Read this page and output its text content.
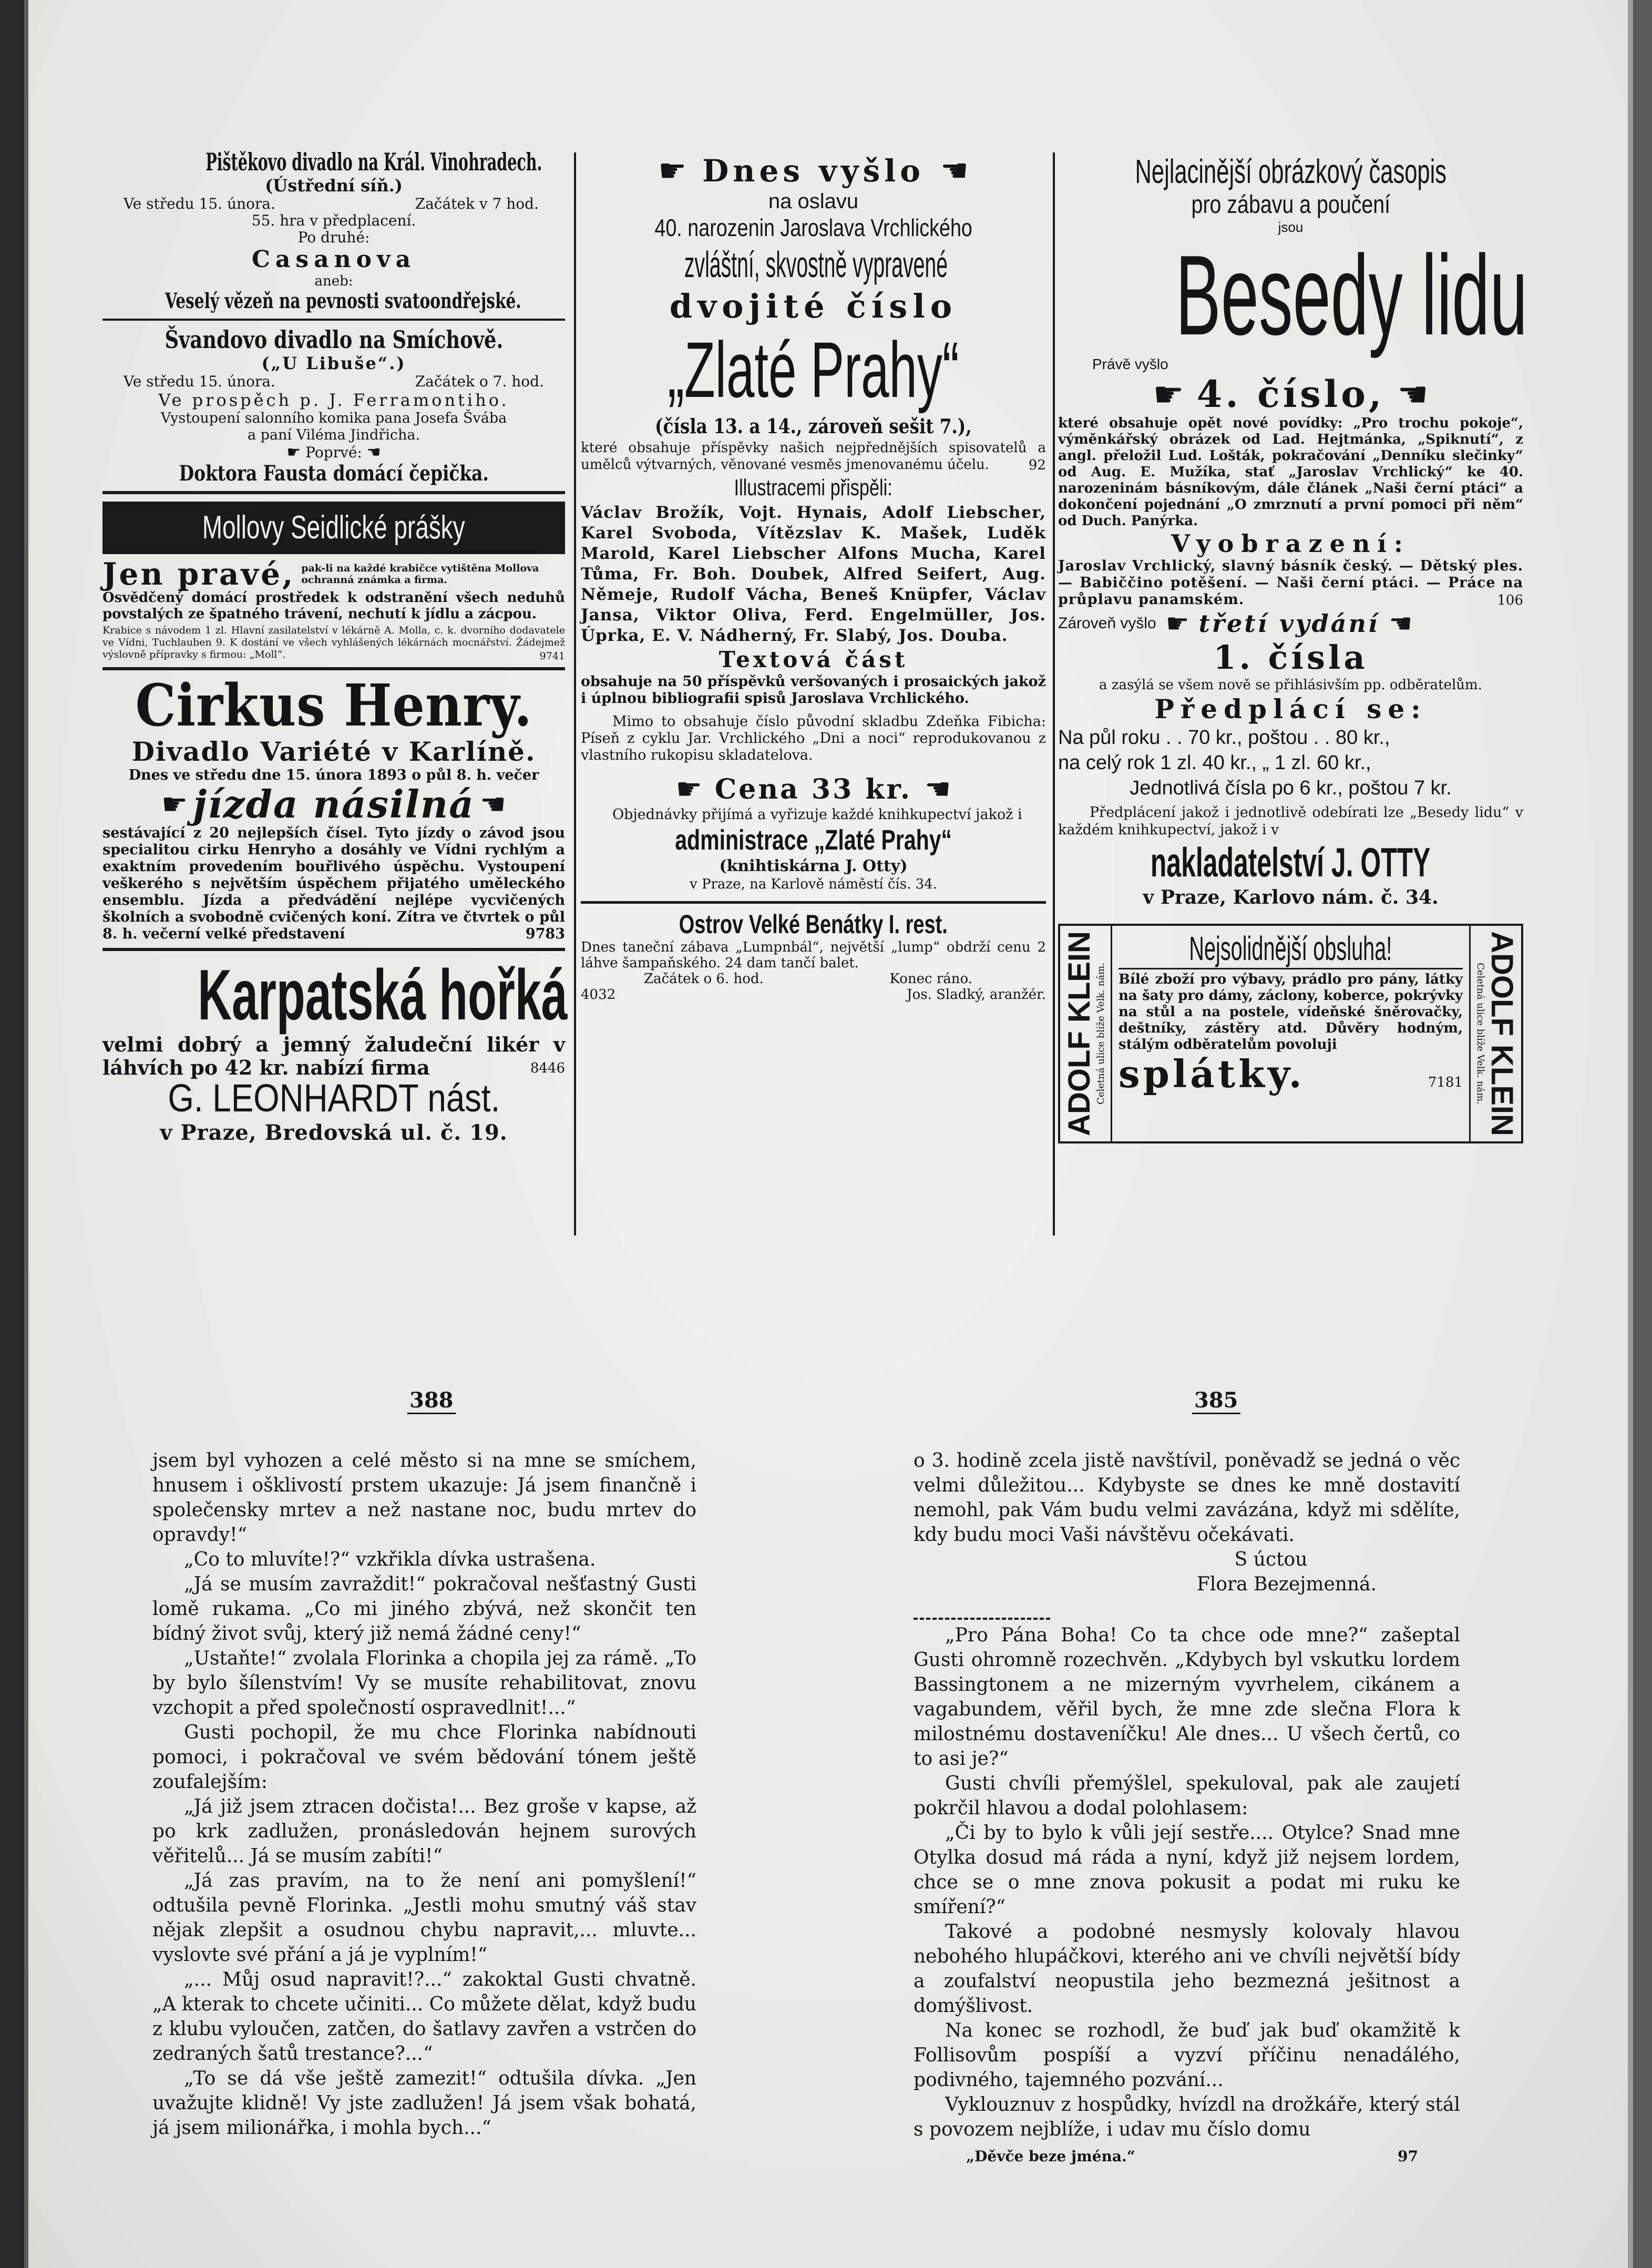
Pištěkovo divadlo na Král. Vinohradech.
(Ústřední síň.)
Ve středu 15. února.	Začátek v 7 hod.
55. hra v předplacení.
Po druhé:
Casanova
aneb:
Veselý vězeň na pevnosti svatoondřejské.
Švandovo divadlo na Smíchově.
(„U Libuše“.)
Ve středu 15. února.	Začátek o 7. hod.
Ve prospěch p. J. Ferramontiho.
Vystoupení salonního komika pana Josefa Švába
a paní Viléma Jindřicha.
☛ Poprvé: ☚
Doktora Fausta domácí čepička.
Mollovy Seidlické prášky
Jen pravé, pak-li na každé krabičce vytištěna Mollova ochranná známka a firma.
Osvědčený domácí prostředek k odstranění všech neduhů povstalých ze špatného trávení, nechutí k jídlu a zácpou.
Krabice s návodem 1 zl. Hlavní zasilatelství v lékárně A. Molla, c. k. dvorního dodavatele ve Vídni, Tuchlauben 9. K dostání ve všech vyhlášených lékárnách mocnářství. Žádejmež výslovně přípravky s firmou: „Moll“.	9741
Cirkus Henry.
Divadlo Variété v Karlíně.
Dnes ve středu dne 15. února 1893 o půl 8. h. večer
☛ jízda násilná ☚
sestávající z 20 nejlepších čísel. Tyto jízdy o závod jsou specialitou cirku Henryho a dosáhly ve Vídni rychlým a exaktním provedením bouřlivého úspěchu. Vystoupení veškerého s největším úspěchem přijatého uměleckého ensemblu. Jízda a předvádění nejlépe vycvičených školních a svobodně cvičených koní. Zítra ve čtvrtek o půl 8. h. večerní velké představení	9783
Karpatská hořká
velmi dobrý a jemný žaludeční likér v láhvích po 42 kr. nabízí firma	8446
G. LEONHARDT nást.
v Praze, Bredovská ul. č. 19.
☛ Dnes vyšlo ☚
na oslavu
40. narozenin Jaroslava Vrchlického
zvláštní, skvostně vypravené
dvojité číslo
„Zlaté Prahy“
(čísla 13. a 14., zároveň sešit 7.),
které obsahuje příspěvky našich nejpřednějších spisovatelů a umělců výtvarných, věnované vesměs jmenovanému účelu.	92
Illustracemi přispěli:
Václav Brožík, Vojt. Hynais, Adolf Liebscher, Karel Svoboda, Vítězslav K. Mašek, Luděk Marold, Karel Liebscher Alfons Mucha, Karel Tůma, Fr. Boh. Doubek, Alfred Seifert, Aug. Němeje, Rudolf Vácha, Beneš Knüpfer, Václav Jansa, Viktor Oliva, Ferd. Engelmüller, Jos. Úprka, E. V. Nádherný, Fr. Slabý, Jos. Douba.
Textová část
obsahuje na 50 příspěvků veršovaných i prosaických jakož i úplnou bibliografii spisů Jaroslava Vrchlického.
Mimo to obsahuje číslo původní skladbu Zdeňka Fibicha: Píseň z cyklu Jar. Vrchlického „Dni a noci“ reprodukovanou z vlastního rukopisu skladatelova.
☛ Cena 33 kr. ☚
Objednávky přijímá a vyřizuje každé knihkupectví jakož i
administrace „Zlaté Prahy“
(knihtiskárna J. Otty)
v Praze, na Karlově náměstí čís. 34.
Ostrov Velké Benátky I. rest.
Dnes taneční zábava „Lumpnbál“, největší „lump“ obdrží cenu 2 láhve šampaňského. 24 dam tančí balet.
Začátek o 6. hod.	Konec ráno.
4032	Jos. Sladký, aranžér.
Nejlacinější obrázkový časopis
pro zábavu a poučení
jsou
Besedy lidu
Právě vyšlo
☛ 4. číslo, ☚
které obsahuje opět nové povídky: „Pro trochu pokoje“, výměnkářský obrázek od Lad. Hejtmánka, „Spiknutí“, z angl. přeložil Lud. Lošták, pokračování „Denníku slečinky“ od Aug. E. Mužíka, stať „Jaroslav Vrchlický“ ke 40. narozeninám básníkovým, dále článek „Naši černí ptáci“ a dokončení pojednání „O zmrznutí a první pomoci při něm“ od Duch. Panýrka.
Vyobrazení:
Jaroslav Vrchlický, slavný básník český. — Dětský ples. — Babiččino potěšení. — Naši černí ptáci. — Práce na průplavu panamském.	106
Zároveň vyšlo ☛ třetí vydání ☚
1. čísla
a zasýlá se všem nově se přihlásivším pp. odběratelům.
Předplácí se:
Na půl roku . . 70 kr., poštou . . 80 kr.,
na celý rok 1 zl. 40 kr., „ 1 zl. 60 kr.,
Jednotlivá čísla po 6 kr., poštou 7 kr.
Předplácení jakož i jednotlivě odebírati lze „Besedy lidu“ v každém knihkupectví, jakož i v
nakladatelství J. OTTY
v Praze, Karlovo nám. č. 34.
ADOLF KLEIN
Celetná ulice blíže Velk. nám.
Nejsolidnější obsluha!
Bílé zboží pro výbavy, prádlo pro pány, látky na šaty pro dámy, záclony, koberce, pokrývky na stůl a na postele, vídeňské šněrovačky, deštníky, zástěry atd. Důvěry hodným, stálým odběratelům povoluji
splátky.	7181 ADOLF KLEIN
Celetná ulice blíže Velk. nám.
388	385

jsem byl vyhozen a celé město si na mne se smíchem, hnusem i ošklivostí prstem ukazuje: Já jsem finančně i společensky mrtev a než nastane noc, budu mrtev do opravdy!“

„Co to mluvíte!?“ vzkřikla dívka ustrašena.

„Já se musím zavraždit!“ pokračoval nešťastný Gusti lomě rukama. „Co mi jiného zbývá, než skončit ten bídný život svůj, který již nemá žádné ceny!“

„Ustaňte!“ zvolala Florinka a chopila jej za rámě. „To by bylo šílenstvím! Vy se musíte rehabilitovat, znovu vzchopit a před společností ospravedlnit!...“

Gusti pochopil, že mu chce Florinka nabídnouti pomoci, i pokračoval ve svém bědování tónem ještě zoufalejším:

„Já již jsem ztracen dočista!... Bez groše v kapse, až po krk zadlužen, pronásledován hejnem surových věřitelů... Já se musím zabíti!“

„Já zas pravím, na to že není ani pomyšlení!“ odtušila pevně Florinka. „Jestli mohu smutný váš stav nějak zlepšit a osudnou chybu napravit,... mluvte... vyslovte své přání a já je vyplním!“

„... Můj osud napravit!?...“ zakoktal Gusti chvatně. „A kterak to chcete učiniti... Co můžete dělat, když budu z klubu vyloučen, zatčen, do šatlavy zavřen a vstrčen do zedraných šatů trestance?...“

„To se dá vše ještě zamezit!“ odtušila dívka. „Jen uvažujte klidně! Vy jste zadlužen! Já jsem však bohatá, já jsem milionářka, i mohla bych...“

o 3. hodině zcela jistě navštívil, poněvadž se jedná o věc velmi důležitou... Kdybyste se dnes ke mně dostavití nemohl, pak Vám budu velmi zavázána, když mi sdělíte, kdy budu moci Vaši návštěvu očekávati.

S úctou

Flora Bezejmenná.

„Pro Pána Boha! Co ta chce ode mne?“ zašeptal Gusti ohromně rozechvěn. „Kdybych byl vskutku lordem Bassingtonem a ne mizerným vyvrhelem, cikánem a vagabundem, věřil bych, že mne zde slečna Flora k milostnému dostaveníčku! Ale dnes... U všech čertů, co to asi je?“

Gusti chvíli přemýšlel, spekuloval, pak ale zaujetí pokrčil hlavou a dodal polohlasem:

„Či by to bylo k vůli její sestře.... Otylce? Snad mne Otylka dosud má ráda a nyní, když již nejsem lordem, chce se o mne znova pokusit a podat mi ruku ke smíření?“

Takové a podobné nesmysly kolovaly hlavou nebohého hlupáčkovi, kterého ani ve chvíli největší bídy a zoufalství neopustila jeho bezmezná ješitnost a domýšlivost.

Na konec se rozhodl, že buď jak buď okamžitě k Follisovům pospíší a vyzví příčinu nenadálého, podivného, tajemného pozvání...

Vyklouznuv z hospůdky, hvízdl na drožkáře, který stál s povozem nejblíže, i udav mu číslo domu

„Děvče beze jména.“	97
